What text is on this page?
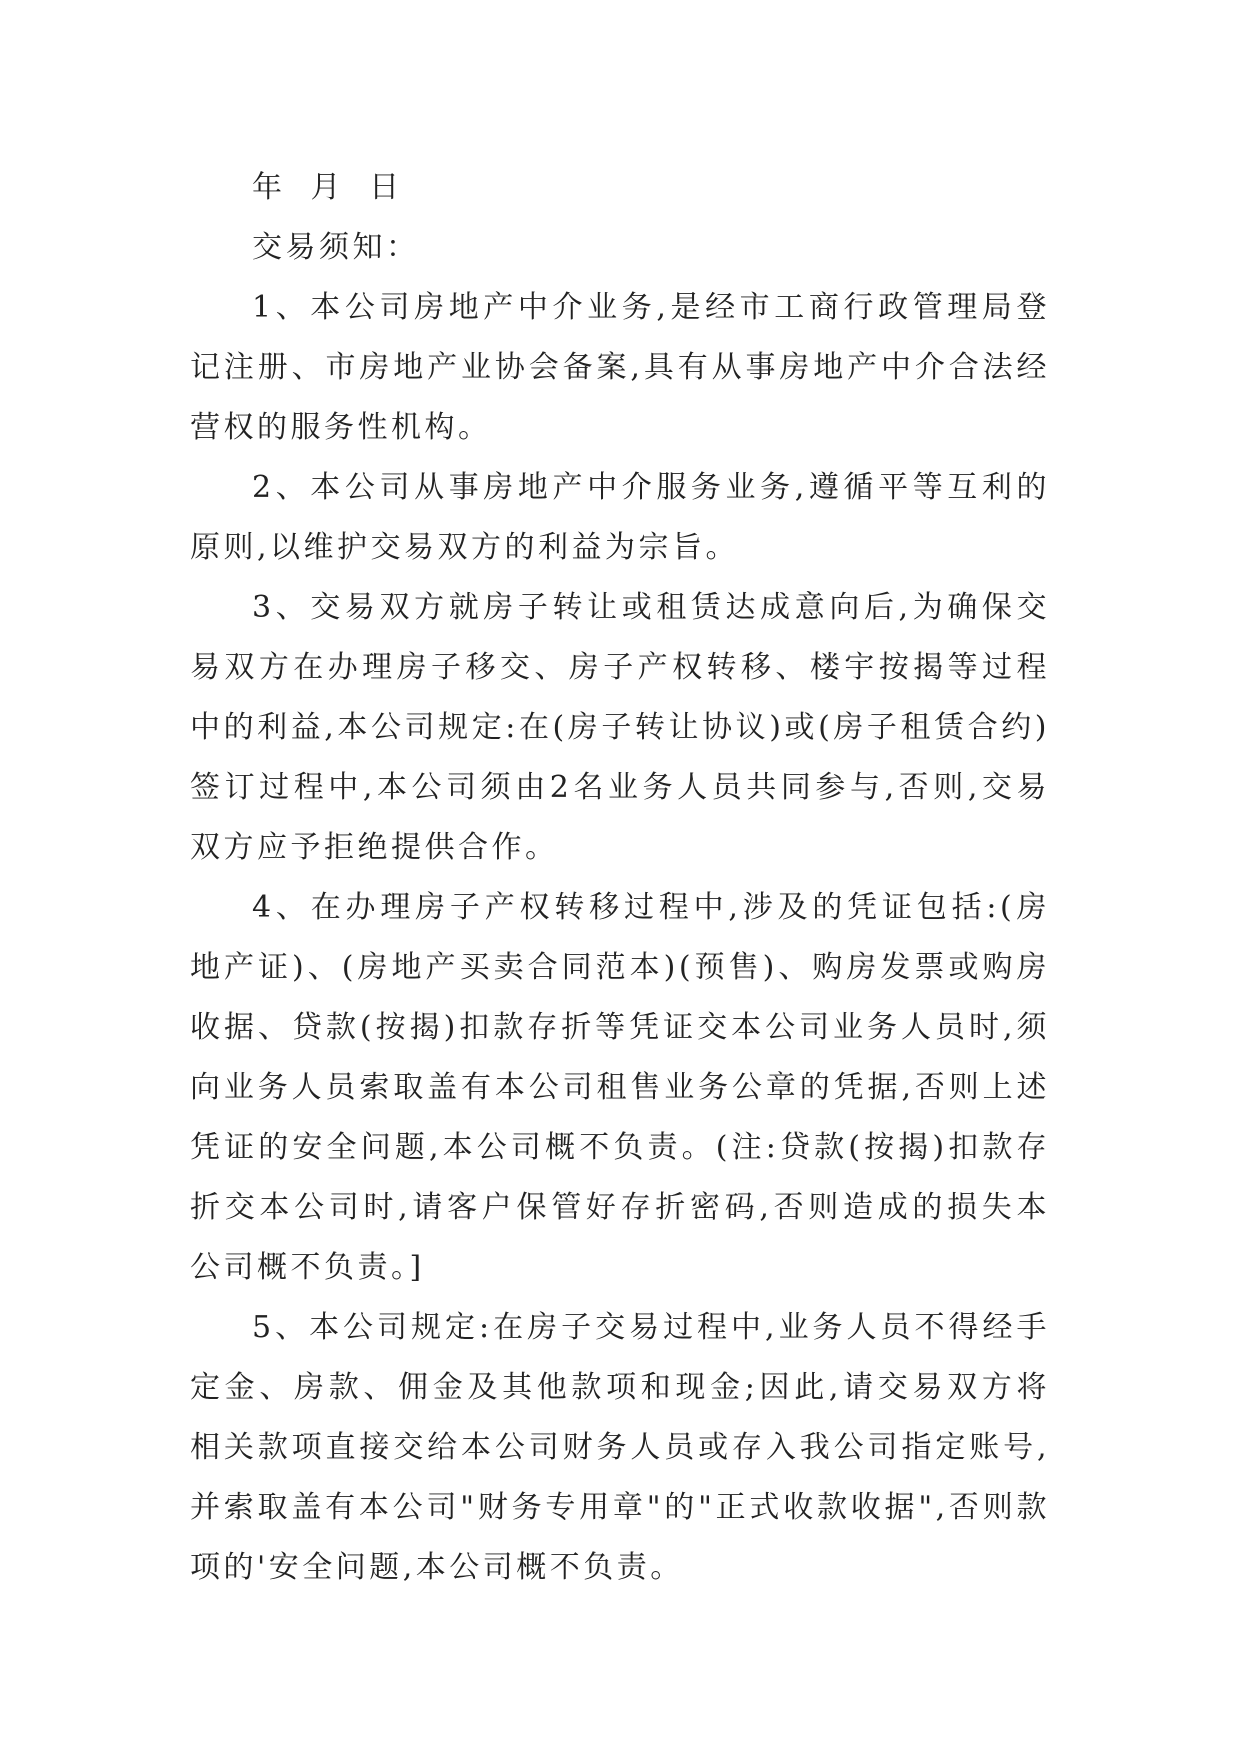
年 月 日

交易须知：

1、本公司房地产中介业务,是经市工商行政管理局登记注册、市房地产业协会备案,具有从事房地产中介合法经营权的服务性机构。

2、本公司从事房地产中介服务业务,遵循平等互利的原则,以维护交易双方的利益为宗旨。

3、交易双方就房子转让或租赁达成意向后,为确保交易双方在办理房子移交、房子产权转移、楼宇按揭等过程中的利益,本公司规定:在(房子转让协议)或(房子租赁合约)签订过程中,本公司须由2名业务人员共同参与,否则,交易双方应予拒绝提供合作。

4、在办理房子产权转移过程中,涉及的凭证包括:(房地产证)、(房地产买卖合同范本)(预售)、购房发票或购房收据、贷款(按揭)扣款存折等凭证交本公司业务人员时,须向业务人员索取盖有本公司租售业务公章的凭据,否则上述凭证的安全问题,本公司概不负责。(注:贷款(按揭)扣款存折交本公司时,请客户保管好存折密码,否则造成的损失本公司概不负责。]

5、本公司规定:在房子交易过程中,业务人员不得经手定金、房款、佣金及其他款项和现金;因此,请交易双方将相关款项直接交给本公司财务人员或存入我公司指定账号,并索取盖有本公司"财务专用章"的"正式收款收据",否则款项的'安全问题,本公司概不负责。
